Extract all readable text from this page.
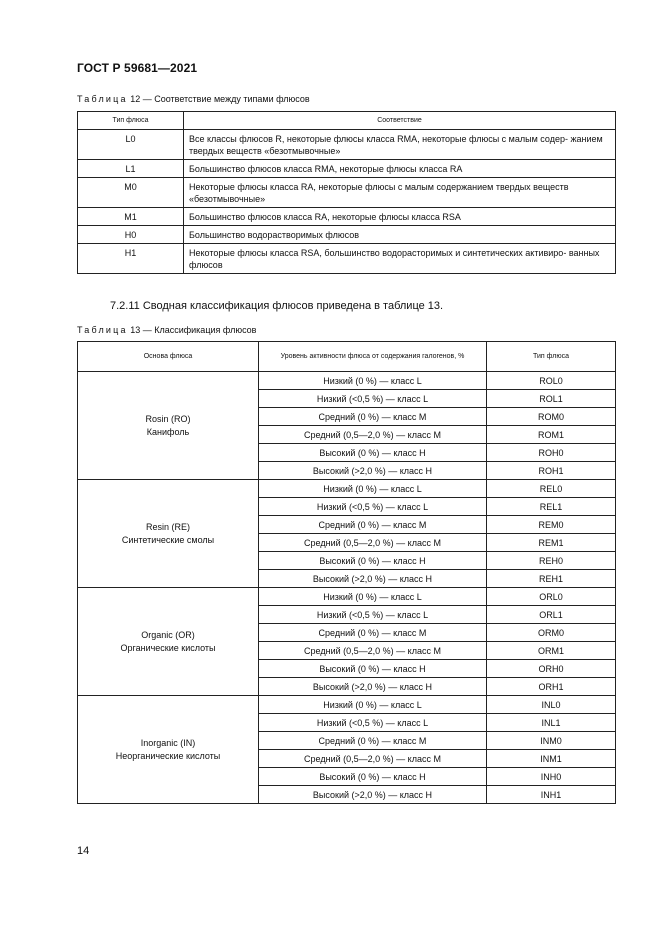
ГОСТ Р 59681—2021
Таблица 12 — Соответствие между типами флюсов
Тип флюса	Соответствие
L0	Все классы флюсов R, некоторые флюсы класса RMA, некоторые флюсы с малым содер- жанием твердых веществ «безотмывочные»
L1	Большинство флюсов класса RMA, некоторые флюсы класса RA
M0	Некоторые флюсы класса RA, некоторые флюсы с малым содержанием твердых веществ «безотмывочные»
M1	Большинство флюсов класса RA, некоторые флюсы класса RSA
H0	Большинство водорастворимых флюсов
H1	Некоторые флюсы класса RSA, большинство водорасторимых и синтетических активиро- ванных флюсов
7.2.11 Сводная классификация флюсов приведена в таблице 13.
Таблица 13 — Классификация флюсов
Основа флюса	Уровень активности флюса от содержания галогенов, %	Тип флюса
Rosin (RO)
Канифоль	Низкий (0 %) — класс L	ROL0
	Низкий (<0,5 %) — класс L	ROL1
	Средний (0 %) — класс M	ROM0
	Средний (0,5—2,0 %) — класс M	ROM1
	Высокий (0 %) — класс H	ROH0
	Высокий (>2,0 %) — класс H	ROH1
Resin (RE)
Синтетические смолы	Низкий (0 %) — класс L	REL0
	Низкий (<0,5 %) — класс L	REL1
	Средний (0 %) — класс M	REM0
	Средний (0,5—2,0 %) — класс M	REM1
	Высокий (0 %) — класс H	REH0
	Высокий (>2,0 %) — класс H	REH1
Organic (OR)
Органические кислоты	Низкий (0 %) — класс L	ORL0
	Низкий (<0,5 %) — класс L	ORL1
	Средний (0 %) — класс M	ORM0
	Средний (0,5—2,0 %) — класс M	ORM1
	Высокий (0 %) — класс H	ORH0
	Высокий (>2,0 %) — класс H	ORH1
Inorganic (IN)
Неорганические кислоты	Низкий (0 %) — класс L	INL0
	Низкий (<0,5 %) — класс L	INL1
	Средний (0 %) — класс M	INM0
	Средний (0,5—2,0 %) — класс M	INM1
	Высокий (0 %) — класс H	INH0
	Высокий (>2,0 %) — класс H	INH1
14
